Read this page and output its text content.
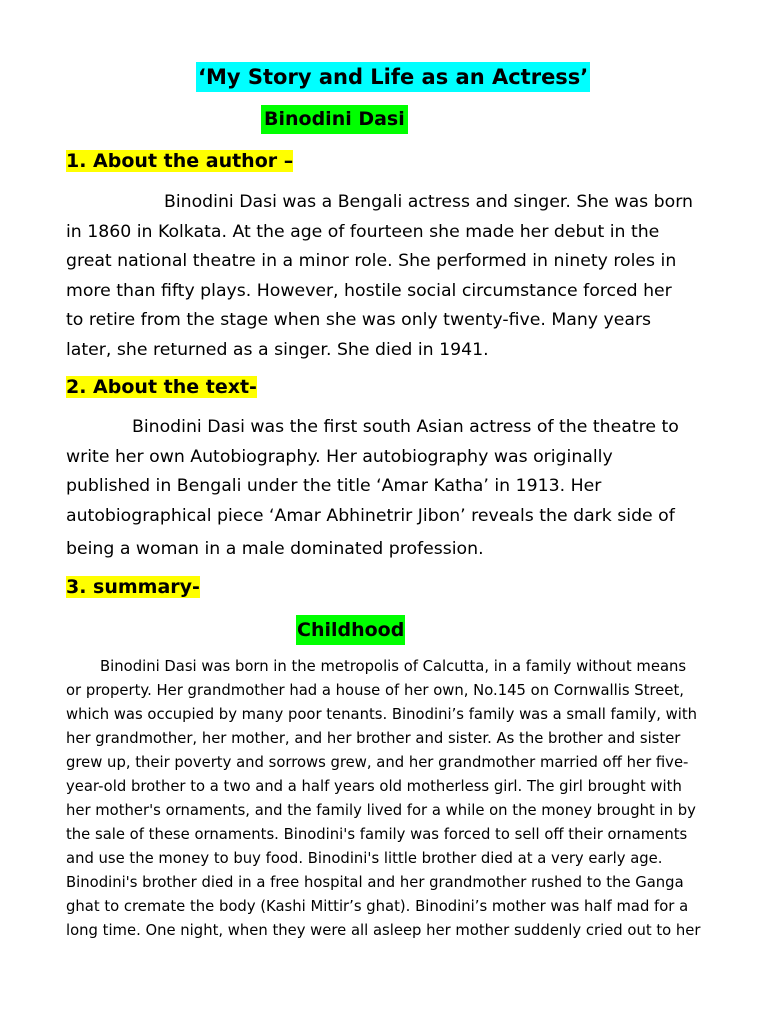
‘My Story and Life as an Actress’
Binodini Dasi
1. About the author –

Binodini Dasi was a Bengali actress and singer. She was born

in 1860 in Kolkata. At the age of fourteen she made her debut in the

great national theatre in a minor role. She performed in ninety roles in

more than fifty plays. However, hostile social circumstance forced her

to retire from the stage when she was only twenty-five. Many years

later, she returned as a singer. She died in 1941.

2. About the text-

Binodini Dasi was the first south Asian actress of the theatre to

write her own Autobiography. Her autobiography was originally

published in Bengali under the title ‘Amar Katha’ in 1913. Her

autobiographical piece ‘Amar Abhinetrir Jibon’ reveals the dark side of

being a woman in a male dominated profession.

3. summary-
Childhood

Binodini Dasi was born in the metropolis of Calcutta, in a family without means

or property. Her grandmother had a house of her own, No.145 on Cornwallis Street,

which was occupied by many poor tenants. Binodini’s family was a small family, with

her grandmother, her mother, and her brother and sister. As the brother and sister

grew up, their poverty and sorrows grew, and her grandmother married off her five-

year-old brother to a two and a half years old motherless girl. The girl brought with

her mother's ornaments, and the family lived for a while on the money brought in by

the sale of these ornaments. Binodini's family was forced to sell off their ornaments

and use the money to buy food. Binodini's little brother died at a very early age.

Binodini's brother died in a free hospital and her grandmother rushed to the Ganga

ghat to cremate the body (Kashi Mittir’s ghat). Binodini’s mother was half mad for a

long time. One night, when they were all asleep her mother suddenly cried out to her
